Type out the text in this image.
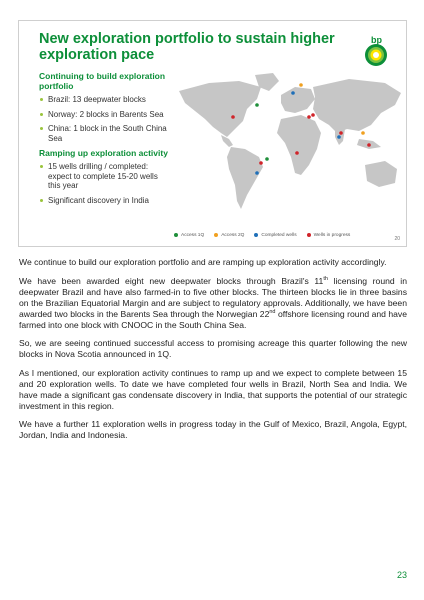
New exploration portfolio to sustain higher exploration pace
bp
Continuing to build exploration portfolio
Brazil: 13 deepwater blocks
Norway: 2 blocks in Barents Sea
China: 1 block in the South China Sea
Ramping up exploration activity
15 wells drilling / completed: expect to complete 15-20 wells this year
Significant discovery in India
Access 1Q	Access 2Q	Completed wells	Wells in progress
20

We continue to build our exploration portfolio and are ramping up exploration activity accordingly.

We have been awarded eight new deepwater blocks through Brazil's 11th licensing round in deepwater Brazil and have also farmed-in to five other blocks. The thirteen blocks lie in three basins on the Brazilian Equatorial Margin and are subject to regulatory approvals. Additionally, we have been awarded two blocks in the Barents Sea through the Norwegian 22nd offshore licensing round and have farmed into one block with CNOOC in the South China Sea.

So, we are seeing continued successful access to promising acreage this quarter following the new blocks in Nova Scotia announced in 1Q.

As I mentioned, our exploration activity continues to ramp up and we expect to complete between 15 and 20 exploration wells. To date we have completed four wells in Brazil, North Sea and India. We have made a significant gas condensate discovery in India, that supports the potential of our strategic investment in this region.

We have a further 11 exploration wells in progress today in the Gulf of Mexico, Brazil, Angola, Egypt, Jordan, India and Indonesia.

23
